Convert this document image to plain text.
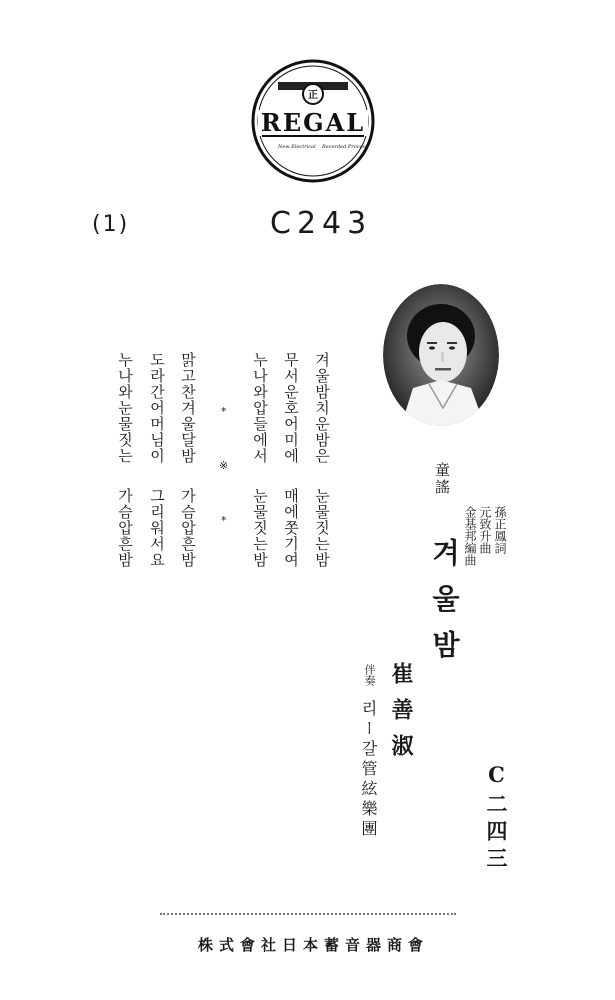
正
REGAL
New Electrical Recorded Process
(1)	C243
겨울밤치운밤은
눈물짓는밤
무서운호어미에
매에쫏기여
누나와압들에서
눈물짓는밤
*
※
*
맑고찬겨울달밤
가슴압흔밤
도라간어머님이
그리워서요
누나와눈물짓는
가슴압흔밤
童謠
겨울밤
孫正鳳詞
元致升曲
金基邦編曲
崔善淑
伴奏
리ー갈管絃樂團	C二四三
株式會社日本蓄音器商會
